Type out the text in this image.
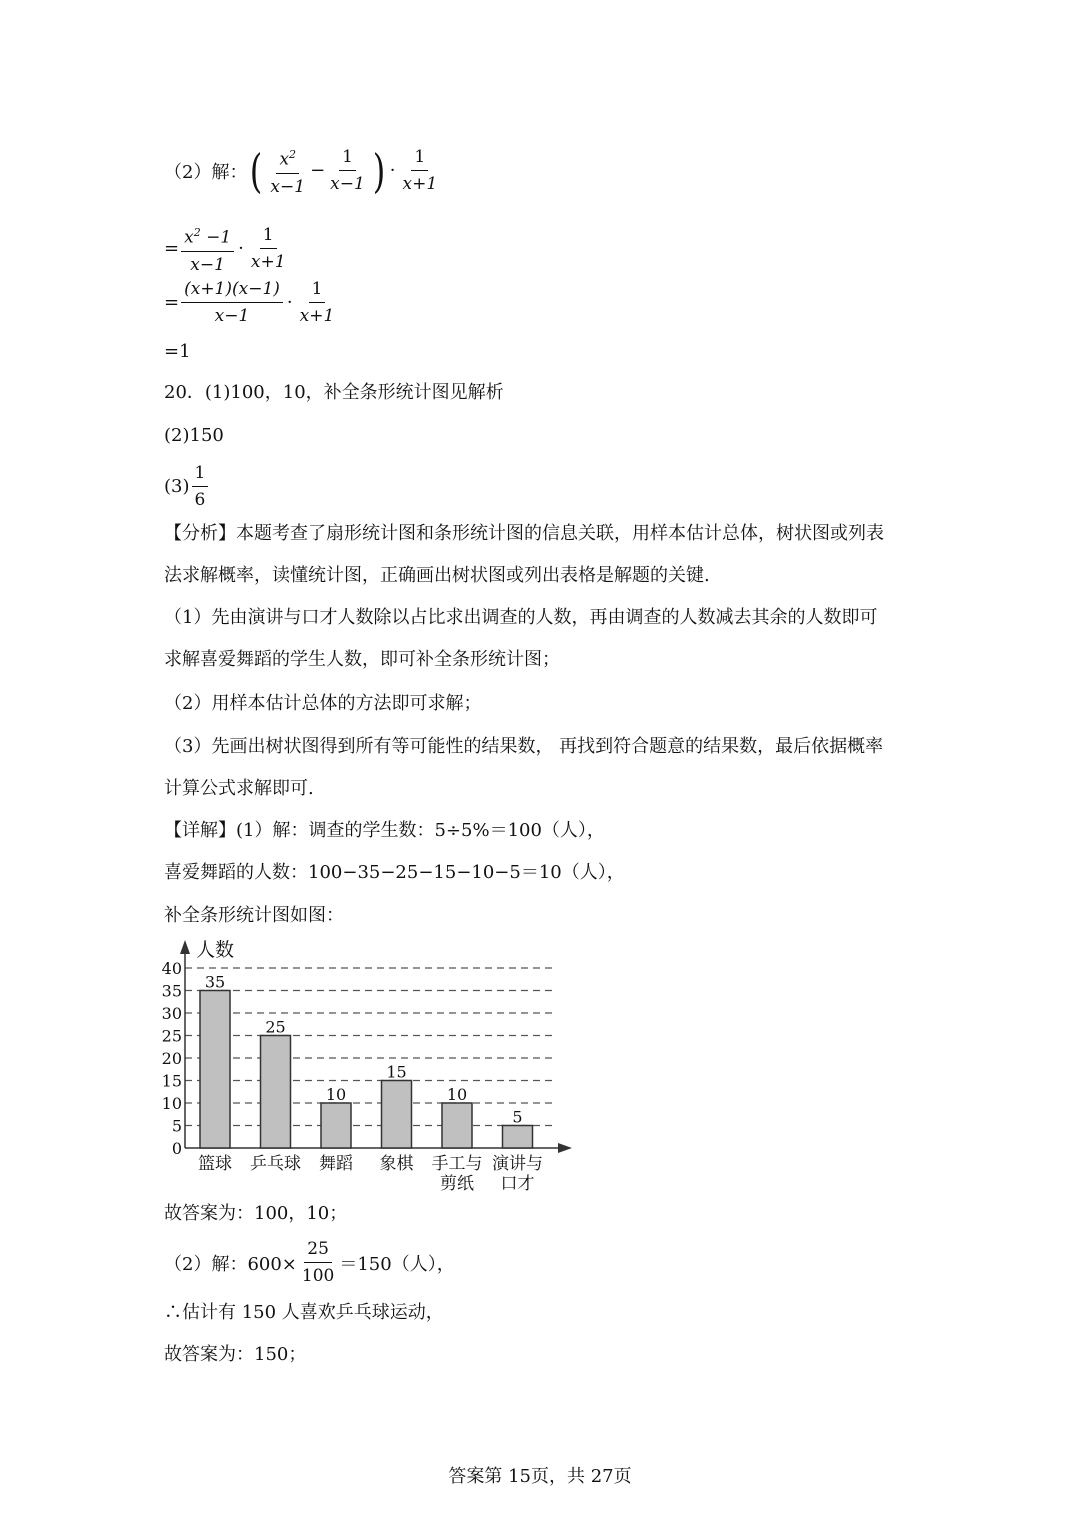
（2）解： ( $\frac{x^2}{x-1} - \frac{1}{x-1}$ ) · $\frac{1}{x+1}$
= $\frac{x^2 -1}{x-1} \cdot \frac{1}{x+1}$
= $\frac{(x+1)(x-1)}{x-1} \cdot \frac{1}{x+1}$
=1
20．(1)100，10，补全条形统计图见解析
(2)150
$(3) \frac{1}{6}$
【分析】本题考查了扇形统计图和条形统计图的信息关联，用样本估计总体，树状图或列表
法求解概率，读懂统计图，正确画出树状图或列出表格是解题的关键.
（1）先由演讲与口才人数除以占比求出调查的人数，再由调查的人数减去其余的人数即可
求解喜爱舞蹈的学生人数，即可补全条形统计图；
（2）用样本估计总体的方法即可求解；
（3）先画出树状图得到所有等可能性的结果数， 再找到符合题意的结果数，最后依据概率
计算公式求解即可.
【详解】(1）解：调查的学生数：5÷5%＝100（人），
喜爱舞蹈的人数：100−35−25−15−10−5＝10（人），
补全条形统计图如图：
0
5
10
15
20
25
30
35
40
人数
35
篮球
25
乒乓球
10
舞蹈
15
象棋
10
手工与
剪纸
5
演讲与
口才
故答案为：100，10；
（2）解：$600\times \frac{25}{100} =150$（人），
∴估计有 150 人喜欢乒乓球运动，
故答案为：150；
答案第 15页，共 27页
